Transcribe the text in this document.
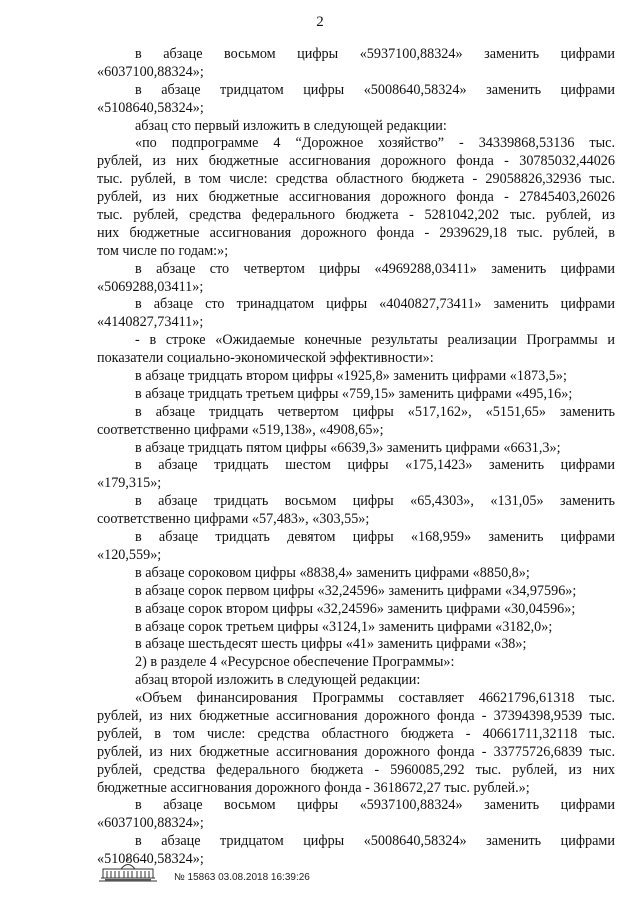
2
в абзаце восьмом цифры «5937100,88324» заменить цифрами
«6037100,88324»;
в абзаце тридцатом цифры «5008640,58324» заменить цифрами
«5108640,58324»;
абзац сто первый изложить в следующей редакции:
«по подпрограмме 4 “Дорожное хозяйство” - 34339868,53136 тыс.
рублей, из них бюджетные ассигнования дорожного фонда - 30785032,44026
тыс. рублей, в том числе: средства областного бюджета - 29058826,32936 тыс.
рублей, из них бюджетные ассигнования дорожного фонда - 27845403,26026
тыс. рублей, средства федерального бюджета - 5281042,202 тыс. рублей, из
них бюджетные ассигнования дорожного фонда - 2939629,18 тыс. рублей, в
том числе по годам:»;
в абзаце сто четвертом цифры «4969288,03411» заменить цифрами
«5069288,03411»;
в абзаце сто тринадцатом цифры «4040827,73411» заменить цифрами
«4140827,73411»;
- в строке «Ожидаемые конечные результаты реализации Программы и
показатели социально-экономической эффективности»:
в абзаце тридцать втором цифры «1925,8» заменить цифрами «1873,5»;
в абзаце тридцать третьем цифры «759,15» заменить цифрами «495,16»;
в абзаце тридцать четвертом цифры «517,162», «5151,65» заменить
соответственно цифрами «519,138», «4908,65»;
в абзаце тридцать пятом цифры «6639,3» заменить цифрами «6631,3»;
в абзаце тридцать шестом цифры «175,1423» заменить цифрами
«179,315»;
в абзаце тридцать восьмом цифры «65,4303», «131,05» заменить
соответственно цифрами «57,483», «303,55»;
в абзаце тридцать девятом цифры «168,959» заменить цифрами
«120,559»;
в абзаце сороковом цифры «8838,4» заменить цифрами «8850,8»;
в абзаце сорок первом цифры «32,24596» заменить цифрами «34,97596»;
в абзаце сорок втором цифры «32,24596» заменить цифрами «30,04596»;
в абзаце сорок третьем цифры «3124,1» заменить цифрами «3182,0»;
в абзаце шестьдесят шесть цифры «41» заменить цифрами «38»;
2) в разделе 4 «Ресурсное обеспечение Программы»:
абзац второй изложить в следующей редакции:
«Объем финансирования Программы составляет 46621796,61318 тыс.
рублей, из них бюджетные ассигнования дорожного фонда - 37394398,9539 тыс.
рублей, в том числе: средства областного бюджета - 40661711,32118 тыс.
рублей, из них бюджетные ассигнования дорожного фонда - 33775726,6839 тыс.
рублей, средства федерального бюджета - 5960085,292 тыс. рублей, из них
бюджетные ассигнования дорожного фонда - 3618672,27 тыс. рублей.»;
в абзаце восьмом цифры «5937100,88324» заменить цифрами
«6037100,88324»;
в абзаце тридцатом цифры «5008640,58324» заменить цифрами
«5108640,58324»;
№ 15863 03.08.2018 16:39:26
